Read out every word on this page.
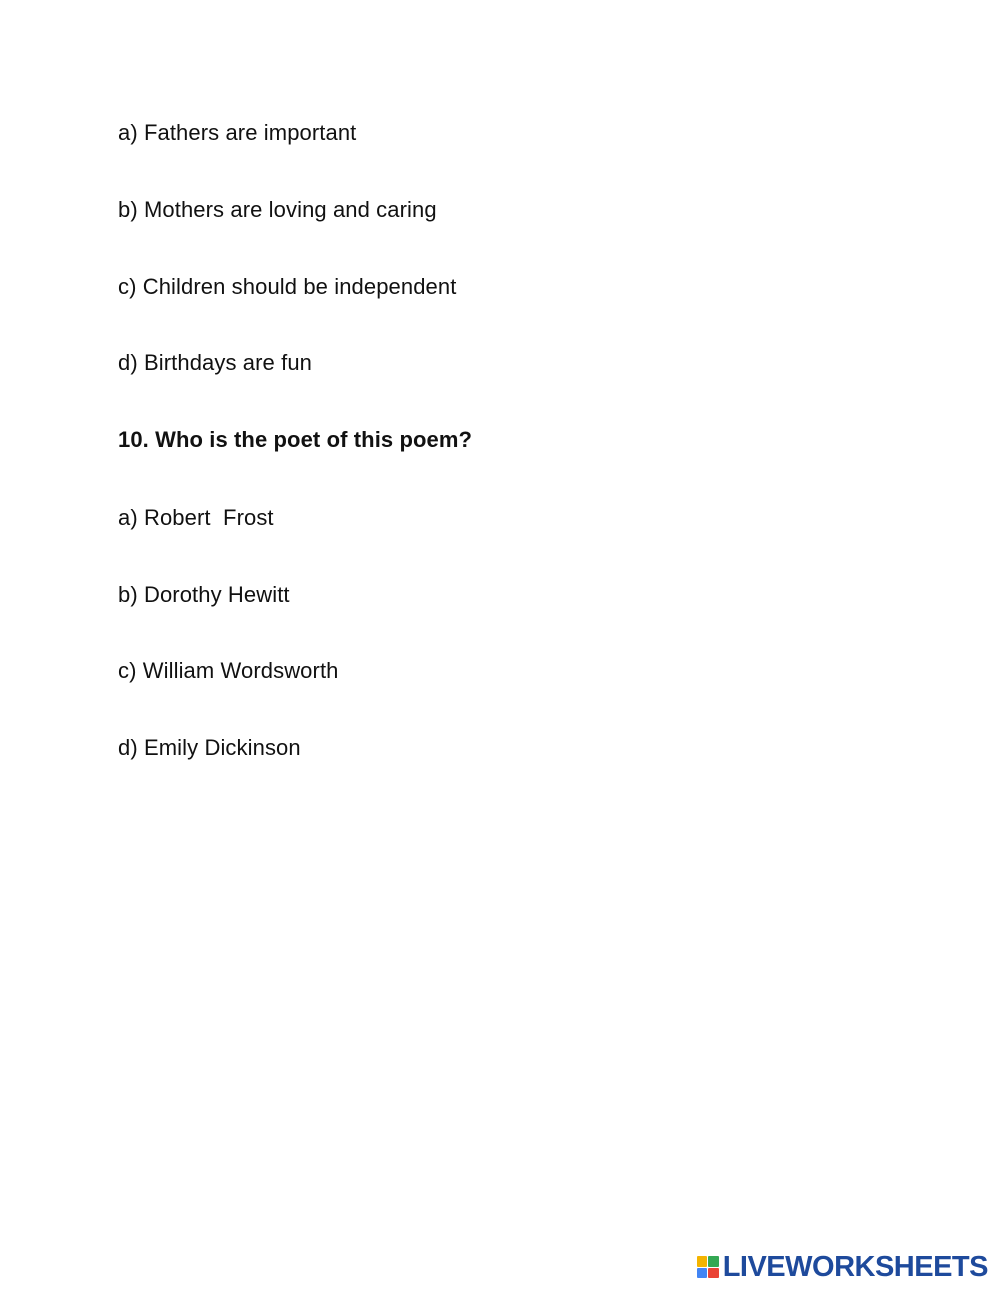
a) Fathers are important
b) Mothers are loving and caring
c) Children should be independent
d) Birthdays are fun
10. Who is the poet of this poem?
a) Robert  Frost
b) Dorothy Hewitt
c) William Wordsworth
d) Emily Dickinson
LIVEWORKSHEETS
